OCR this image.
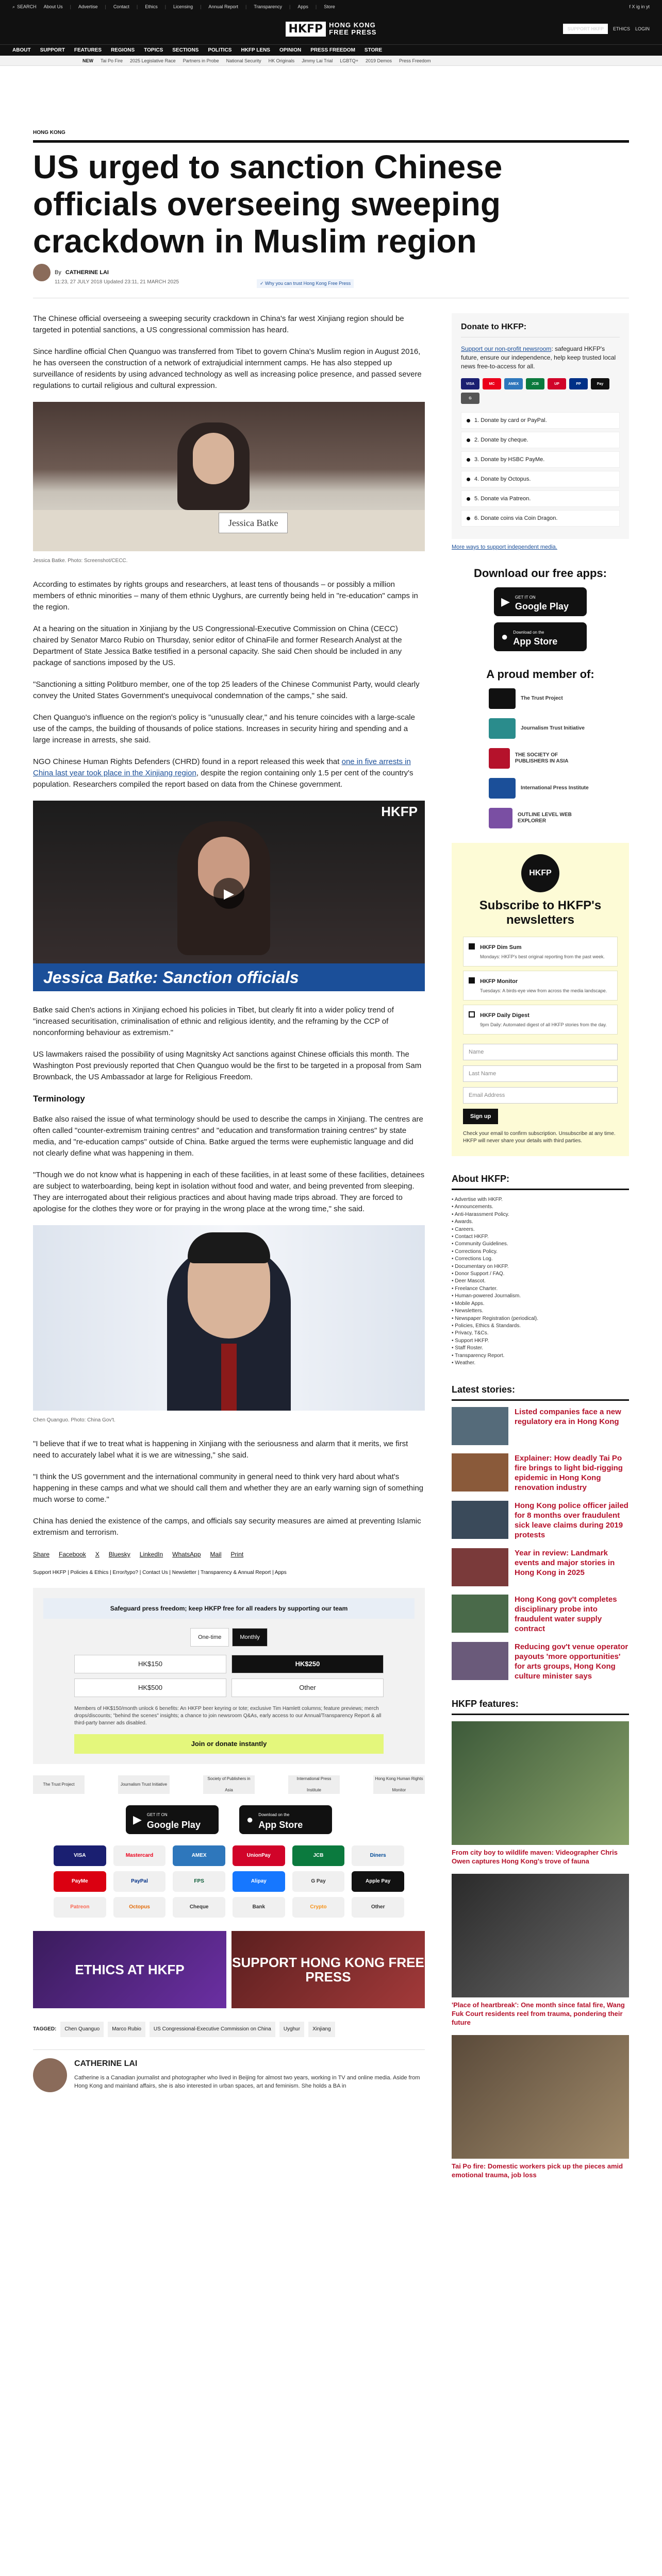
⌕ SEARCH About Us | Advertise | Contact | Ethics | Licensing | Annual Report | Transparency | Apps | Store	f X ig in yt
HKFP HONG KONG
FREE PRESS	SUPPORT HKFP	ETHICS LOGIN
ABOUT SUPPORT FEATURES REGIONS TOPICS SECTIONS POLITICS HKFP LENS OPINION PRESS FREEDOM STORE
NEW Tai Po Fire 2025 Legislative Race Partners in Probe National Security HK Originals Jimmy Lai Trial LGBTQ+ 2019 Demos Press Freedom
HONG KONG
US urged to sanction Chinese officials overseeing sweeping crackdown in Muslim region
By CATHERINE LAI
11:23, 27 JULY 2018 Updated 23:11, 21 MARCH 2025	✓ Why you can trust Hong Kong Free Press

The Chinese official overseeing a sweeping security crackdown in China's far west Xinjiang region should be targeted in potential sanctions, a US congressional commission has heard.

Since hardline official Chen Quanguo was transferred from Tibet to govern China's Muslim region in August 2016, he has overseen the construction of a network of extrajudicial internment camps. He has also stepped up surveillance of residents by using advanced technology as well as increasing police presence, and passed severe regulations to curtail religious and cultural expression.

Jessica Batke
Jessica Batke. Photo: Screenshot/CECC.

According to estimates by rights groups and researchers, at least tens of thousands – or possibly a million members of ethnic minorities – many of them ethnic Uyghurs, are currently being held in "re-education" camps in the region.

At a hearing on the situation in Xinjiang by the US Congressional-Executive Commission on China (CECC) chaired by Senator Marco Rubio on Thursday, senior editor of ChinaFile and former Research Analyst at the Department of State Jessica Batke testified in a personal capacity. She said Chen should be included in any package of sanctions imposed by the US.

"Sanctioning a sitting Politburo member, one of the top 25 leaders of the Chinese Communist Party, would clearly convey the United States Government's unequivocal condemnation of the camps," she said.

Chen Quanguo's influence on the region's policy is "unusually clear," and his tenure coincides with a large-scale use of the camps, the building of thousands of police stations. Increases in security hiring and spending and a large increase in arrests, she said.

NGO Chinese Human Rights Defenders (CHRD) found in a report released this week that one in five arrests in China last year took place in the Xinjiang region, despite the region containing only 1.5 per cent of the country's population. Researchers compiled the report based on data from the Chinese government.

HKFP
▶
Jessica Batke: Sanction officials

Batke said Chen's actions in Xinjiang echoed his policies in Tibet, but clearly fit into a wider policy trend of "increased securitisation, criminalisation of ethnic and religious identity, and the reframing by the CCP of nonconforming behaviour as extremism."

US lawmakers raised the possibility of using Magnitsky Act sanctions against Chinese officials this month. The Washington Post previously reported that Chen Quanguo would be the first to be targeted in a proposal from Sam Brownback, the US Ambassador at large for Religious Freedom.

Terminology

Batke also raised the issue of what terminology should be used to describe the camps in Xinjiang. The centres are often called "counter-extremism training centres" and "education and transformation training centres" by state media, and "re-education camps" outside of China. Batke argued the terms were euphemistic language and did not clearly define what was happening in them.

"Though we do not know what is happening in each of these facilities, in at least some of these facilities, detainees are subject to waterboarding, being kept in isolation without food and water, and being prevented from sleeping. They are interrogated about their religious practices and about having made trips abroad. They are forced to apologise for the clothes they wore or for praying in the wrong place at the wrong time," she said.

Chen Quanguo. Photo: China Gov't.

"I believe that if we to treat what is happening in Xinjiang with the seriousness and alarm that it merits, we first need to accurately label what it is we are witnessing," she said.

"I think the US government and the international community in general need to think very hard about what's happening in these camps and what we should call them and whether they are an early warning sign of something much worse to come."

China has denied the existence of the camps, and officials say security measures are aimed at preventing Islamic extremism and terrorism.

Share Facebook X Bluesky LinkedIn WhatsApp Mail Print
Support HKFP | Policies & Ethics | Error/typo? | Contact Us | Newsletter | Transparency & Annual Report | Apps
Safeguard press freedom; keep HKFP free for all readers by supporting our team
One-time	Monthly
HK$150	HK$250
HK$500	Other
Members of HK$150/month unlock 6 benefits: An HKFP beer keyring or tote; exclusive Tim Hamlett columns; feature previews; merch drops/discounts; "behind the scenes" insights; a chance to join newsroom Q&As, early access to our Annual/Transparency Report & all third-party banner ads disabled.
Join or donate instantly
The Trust Project	Journalism Trust Initiative
Society of Publishers in Asia
International Press Institute
Hong Kong Human Rights Monitor
▶ GET IT ON
Google Play	● Download on the
App Store
VISA	Mastercard	AMEX	UnionPay	JCB	Diners
PayMe	PayPal	FPS	Alipay	G Pay	Apple Pay
Patreon	Octopus	Cheque	Bank	Crypto	Other
ETHICS AT HKFP	SUPPORT HONG KONG FREE PRESS
TAGGED:	Chen Quanguo	Marco Rubio	US Congressional-Executive Commission on China	Uyghur	Xinjiang
CATHERINE LAI

Catherine is a Canadian journalist and photographer who lived in Beijing for almost two years, working in TV and online media. Aside from Hong Kong and mainland affairs, she is also interested in urban spaces, art and feminism. She holds a BA in

Donate to HKFP:
Support our non-profit newsroom: safeguard HKFP's future, ensure our independence, help keep trusted local news free-to-access for all.
VISA	MC	AMEX	JCB	UP	PP	Pay
G
1. Donate by card or PayPal.
2. Donate by cheque.
3. Donate by HSBC PayMe.
4. Donate by Octopus.
5. Donate via Patreon.
6. Donate coins via Coin Dragon.
More ways to support independent media.
Download our free apps:
▶ GET IT ON
Google Play
● Download on the
App Store
A proud member of:
The Trust Project
Journalism Trust Initiative
THE SOCIETY OF PUBLISHERS IN ASIA
International Press Institute
OUTLINE LEVEL WEB EXPLORER
HKFP
Subscribe to HKFP's newsletters
HKFP Dim Sum
Mondays: HKFP's best original reporting from the past week.
HKFP Monitor
Tuesdays: A birds-eye view from across the media landscape.
HKFP Daily Digest
9pm Daily: Automated digest of all HKFP stories from the day.
Name
Last Name
Email Address
Sign up
Check your email to confirm subscription. Unsubscribe at any time. HKFP will never share your details with third parties.
About HKFP:
• Advertise with HKFP.
• Announcements.
• Anti-Harassment Policy.
• Awards.
• Careers.
• Contact HKFP.
• Community Guidelines.
• Corrections Policy.
• Corrections Log.
• Documentary on HKFP.
• Donor Support / FAQ.
• Deer Mascot.
• Freelance Charter.
• Human-powered Journalism.
• Mobile Apps.
• Newsletters.
• Newspaper Registration (periodical).
• Policies, Ethics & Standards.
• Privacy, T&Cs.
• Support HKFP.
• Staff Roster.
• Transparency Report.
• Weather.
Latest stories:
Listed companies face a new regulatory era in Hong Kong
Explainer: How deadly Tai Po fire brings to light bid-rigging epidemic in Hong Kong renovation industry
Hong Kong police officer jailed for 8 months over fraudulent sick leave claims during 2019 protests
Year in review: Landmark events and major stories in Hong Kong in 2025
Hong Kong gov't completes disciplinary probe into fraudulent water supply contract
Reducing gov't venue operator payouts 'more opportunities' for arts groups, Hong Kong culture minister says
HKFP features:
From city boy to wildlife maven: Videographer Chris Owen captures Hong Kong's trove of fauna
'Place of heartbreak': One month since fatal fire, Wang Fuk Court residents reel from trauma, pondering their future
Tai Po fire: Domestic workers pick up the pieces amid emotional trauma, job loss
